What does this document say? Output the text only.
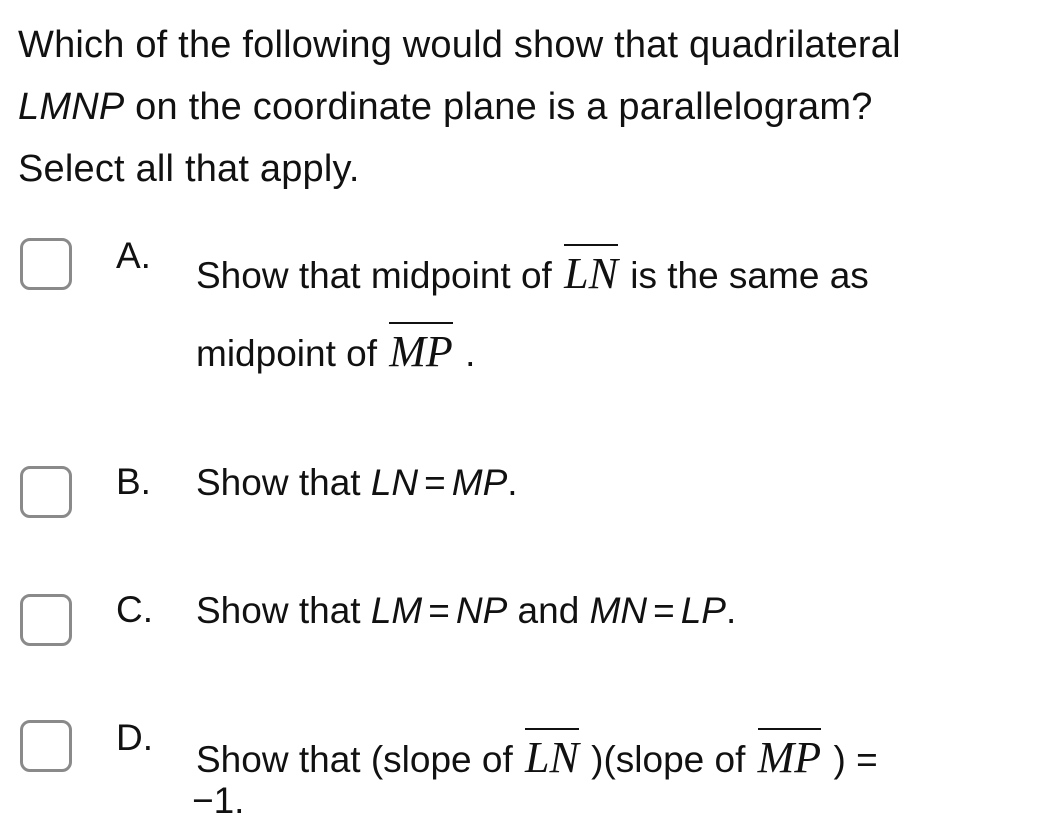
Which of the following would show that quadrilateral
LMNP on the coordinate plane is a parallelogram?
Select all that apply.
A. Show that midpoint of
LN is the same as
midpoint of
MP .
B. Show that LN = MP.
C. Show that LM = NP and MN = LP.
D.
Show that (slope of
LN )(slope of
MP ) =
−1.
